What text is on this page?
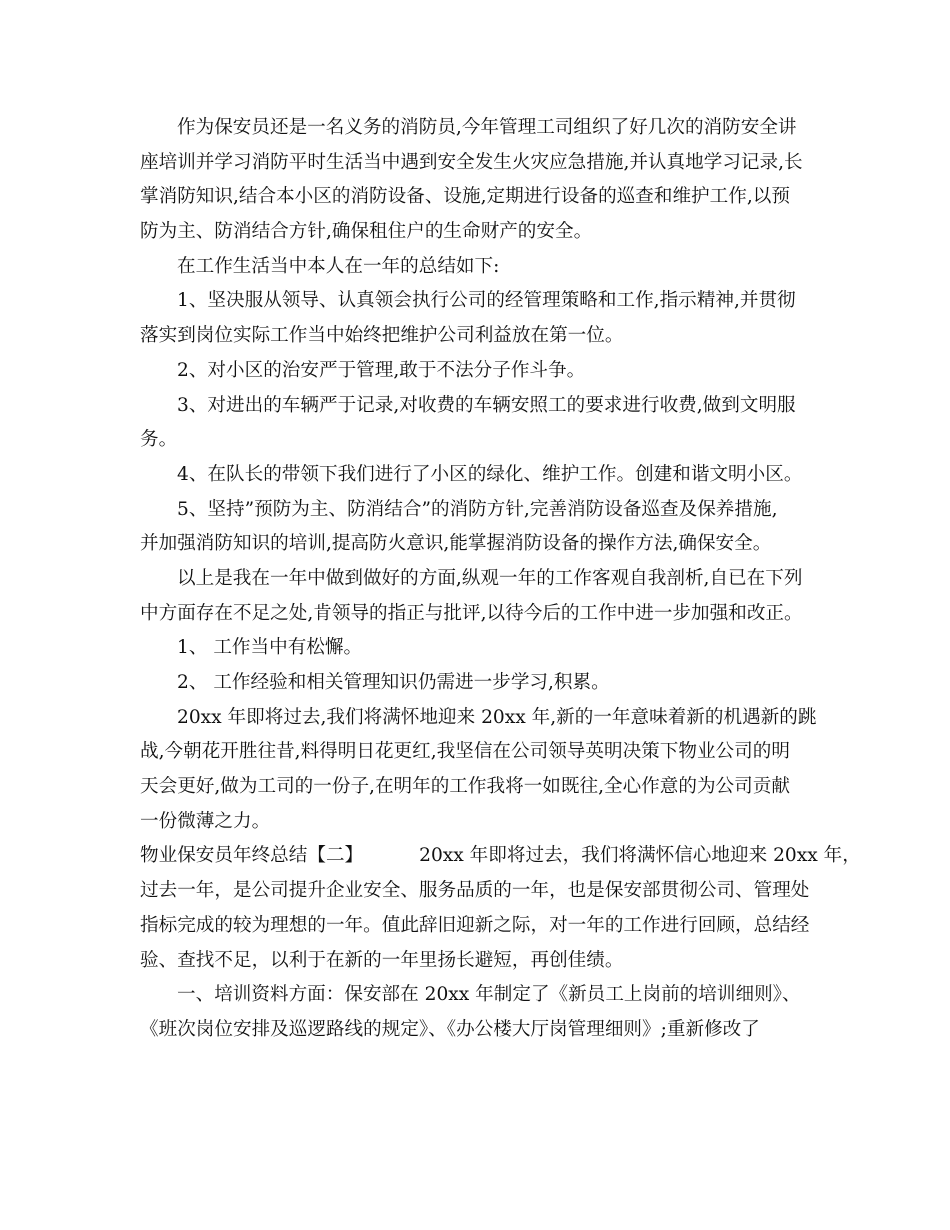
作为保安员还是一名义务的消防员,今年管理工司组织了好几次的消防安全讲
座培训并学习消防平时生活当中遇到安全发生火灾应急措施,并认真地学习记录,长
掌消防知识,结合本小区的消防设备、设施,定期进行设备的巡查和维护工作,以预
防为主、防消结合方针,确保租住户的生命财产的安全。
在工作生活当中本人在一年的总结如下:
1、坚决服从领导、认真领会执行公司的经管理策略和工作,指示精神,并贯彻
落实到岗位实际工作当中始终把维护公司利益放在第一位。
2、对小区的治安严于管理,敢于不法分子作斗争。
3、对进出的车辆严于记录,对收费的车辆安照工的要求进行收费,做到文明服
务。
4、在队长的带领下我们进行了小区的绿化、维护工作。创建和谐文明小区。
5、坚持”预防为主、防消结合”的消防方针,完善消防设备巡查及保养措施,
并加强消防知识的培训,提高防火意识,能掌握消防设备的操作方法,确保安全。
以上是我在一年中做到做好的方面,纵观一年的工作客观自我剖析,自已在下列
中方面存在不足之处,肯领导的指正与批评,以待今后的工作中进一步加强和改正。
1、 工作当中有松懈。
2、 工作经验和相关管理知识仍需进一步学习,积累。
20xx 年即将过去,我们将满怀地迎来 20xx 年,新的一年意味着新的机遇新的跳
战,今朝花开胜往昔,料得明日花更红,我坚信在公司领导英明决策下物业公司的明
天会更好,做为工司的一份子,在明年的工作我将一如既往,全心作意的为公司贡献
一份微薄之力。
物业保安员年终总结【二】	20xx 年即将过去，我们将满怀信心地迎来 20xx 年，
过去一年，是公司提升企业安全、服务品质的一年，也是保安部贯彻公司、管理处
指标完成的较为理想的一年。值此辞旧迎新之际，对一年的工作进行回顾，总结经
验、查找不足，以利于在新的一年里扬长避短，再创佳绩。
一、培训资料方面：保安部在 20xx 年制定了《新员工上岗前的培训细则》、
《班次岗位安排及巡逻路线的规定》、《办公楼大厅岗管理细则》;重新修改了
